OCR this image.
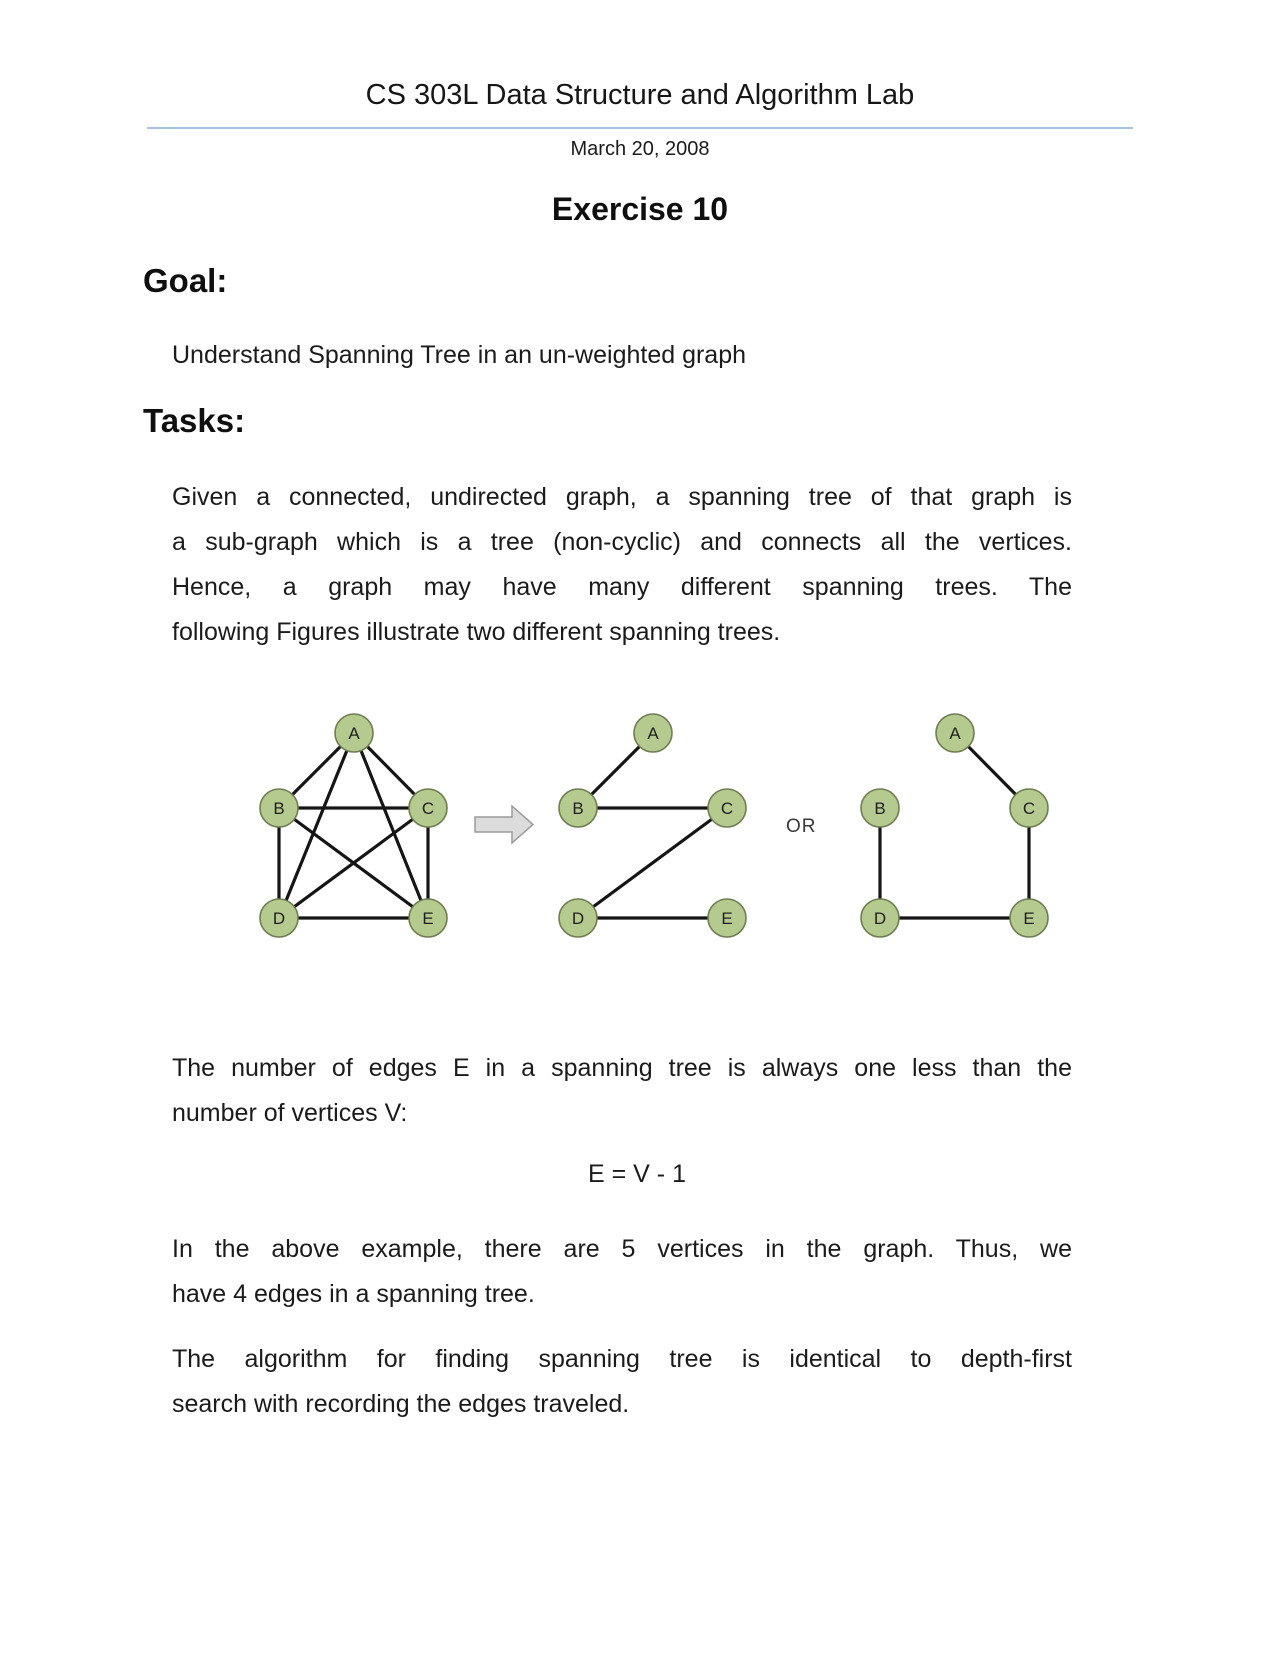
CS 303L Data Structure and Algorithm Lab
March 20, 2008
Exercise 10
Goal:
Understand Spanning Tree in an un-weighted graph
Tasks:
Given a connected, undirected graph, a spanning tree of that graph is
a sub-graph which is a tree (non-cyclic) and connects all the vertices.
Hence, a graph may have many different spanning trees. The
following Figures illustrate two different spanning trees.
A
B	C
D	E
A
B	C
D	E
A
B	C
D	E
OR
The number of edges E in a spanning tree is always one less than the
number of vertices V:
E = V - 1
In the above example, there are 5 vertices in the graph. Thus, we
have 4 edges in a spanning tree.
The algorithm for finding spanning tree is identical to depth-first
search with recording the edges traveled.
